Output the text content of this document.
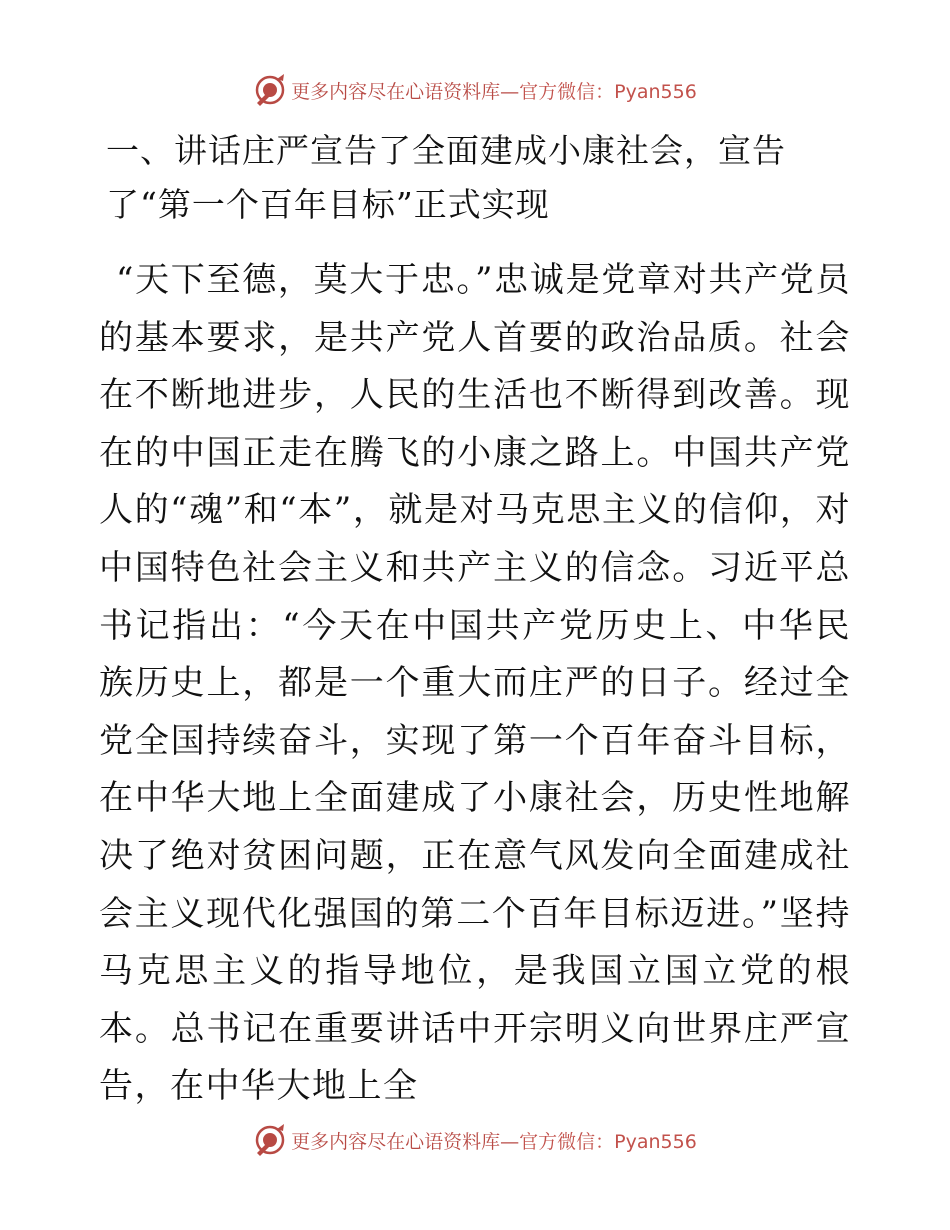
更多内容尽在心语资料库— 官方微信：Pyan556
一、讲话庄严宣告了全面建成小康社会，宣告了“第一个百年目标”正式实现

“天下至德，莫大于忠。”忠诚是党章对共产党员的基本要求，是共产党人首要的政治品质。社会在不断地进步，人民的生活也不断得到改善。现在的中国正走在腾飞的小康之路上。中国共产党人的“魂”和“本”，就是对马克思主义的信仰，对中国特色社会主义和共产主义的信念。习近平总书记指出：“今天在中国共产党历史上、中华民族历史上，都是一个重大而庄严的日子。经过全党全国持续奋斗，实现了第一个百年奋斗目标，在中华大地上全面建成了小康社会，历史性地解决了绝对贫困问题，正在意气风发向全面建成社会主义现代化强国的第二个百年目标迈进。”坚持马克思主义的指导地位，是我国立国立党的根本。总书记在重要讲话中开宗明义向世界庄严宣告，在中华大地上全

更多内容尽在心语资料库— 官方微信：Pyan556
